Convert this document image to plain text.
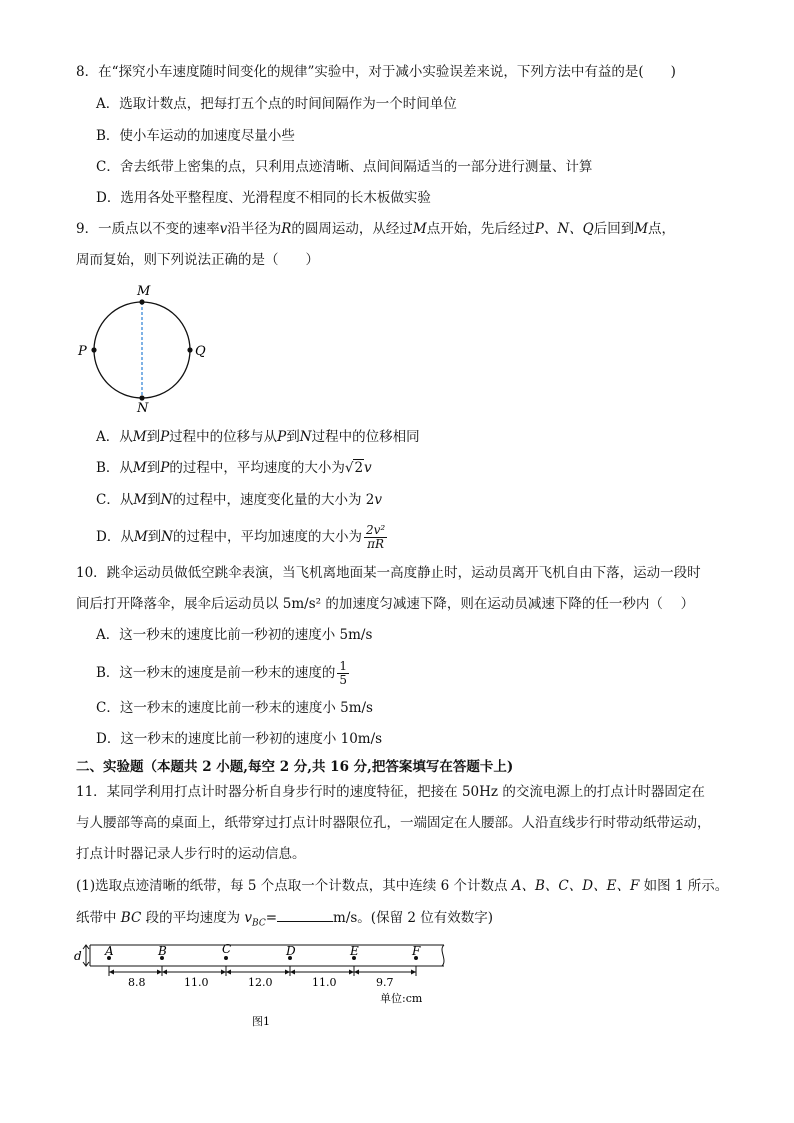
8．在“探究小车速度随时间变化的规律”实验中，对于减小实验误差来说，下列方法中有益的是(　　)
A．选取计数点，把每打五个点的时间间隔作为一个时间单位
B．使小车运动的加速度尽量小些
C．舍去纸带上密集的点，只利用点迹清晰、点间间隔适当的一部分进行测量、计算
D．选用各处平整程度、光滑程度不相同的长木板做实验
9．一质点以不变的速率v沿半径为R的圆周运动，从经过M点开始，先后经过P、N、Q后回到M点，
周而复始，则下列说法正确的是（　　）
M
N
P	Q
A．从M到P过程中的位移与从P到N过程中的位移相同
B．从M到P的过程中，平均速度的大小为√2v
C．从M到N的过程中，速度变化量的大小为 2v
D．从M到N的过程中，平均加速度的大小为 $\frac{\text{2v²}}{\pi R}$
10．跳伞运动员做低空跳伞表演，当飞机离地面某一高度静止时，运动员离开飞机自由下落，运动一段时
间后打开降落伞，展伞后运动员以 5m/s² 的加速度匀减速下降，则在运动员减速下降的任一秒内（　 ）
A．这一秒末的速度比前一秒初的速度小 5m/s
B．这一秒末的速度是前一秒末的速度的 $\frac{1}{5}$
C．这一秒末的速度比前一秒末的速度小 5m/s
D．这一秒末的速度比前一秒初的速度小 10m/s
二、实验题（本题共 2 小题,每空 2 分,共 16 分,把答案填写在答题卡上)
11．某同学利用打点计时器分析自身步行时的速度特征，把接在 50Hz 的交流电源上的打点计时器固定在
与人腰部等高的桌面上，纸带穿过打点计时器限位孔，一端固定在人腰部。人沿直线步行时带动纸带运动，
打点计时器记录人步行时的运动信息。
(1)选取点迹清晰的纸带，每 5 个点取一个计数点，其中连续 6 个计数点 A、B、C、D、E、F 如图 1 所示。
纸带中 BC 段的平均速度为 $v_{BC}=$	m/s。(保留 2 位有效数字)
d A	B	C	D	E	F
8.8	11.0	12.0	11.0	9.7
单位:cm
图1
